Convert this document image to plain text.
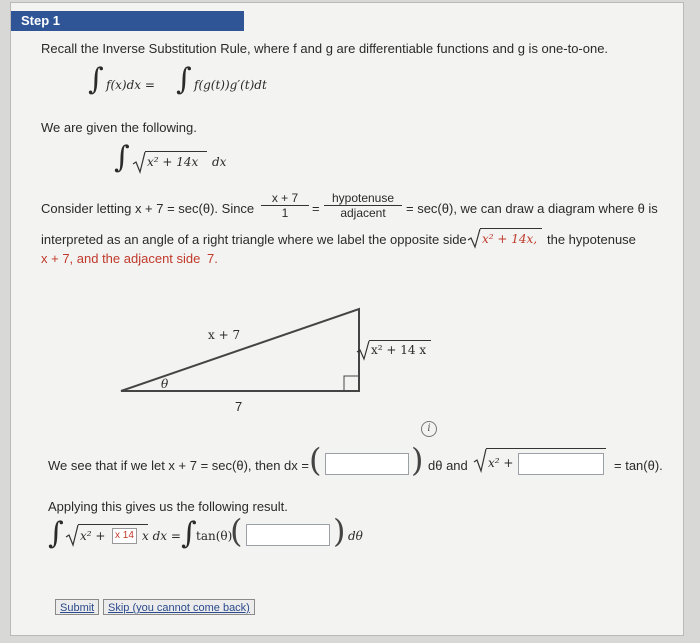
Step 1
Recall the Inverse Substitution Rule, where f and g are differentiable functions and g is one-to-one.
∫ f(x)dx = ∫ f(g(t))g′(t)dt
We are given the following.
∫ x² + 14x dx
Consider letting x + 7 = sec(θ). Since $\frac{x + 7}{1}$ =
hypotenuse
adjacent	= sec(θ), we can draw a diagram where θ is
interpreted as an angle of a right triangle where we label the opposite side x² + 14x, the hypotenuse
x + 7, and the adjacent side 7.
x + 7
x² + 14 x
7
θ
i
We see that if we let x + 7 = sec(θ), then dx = (	) dθ and x² +	= tan(θ).
Applying this gives us the following result.
∫ x² + x 14 x dx = ∫ tan(θ)
(	) dθ
Submit	Skip (you cannot come back)
